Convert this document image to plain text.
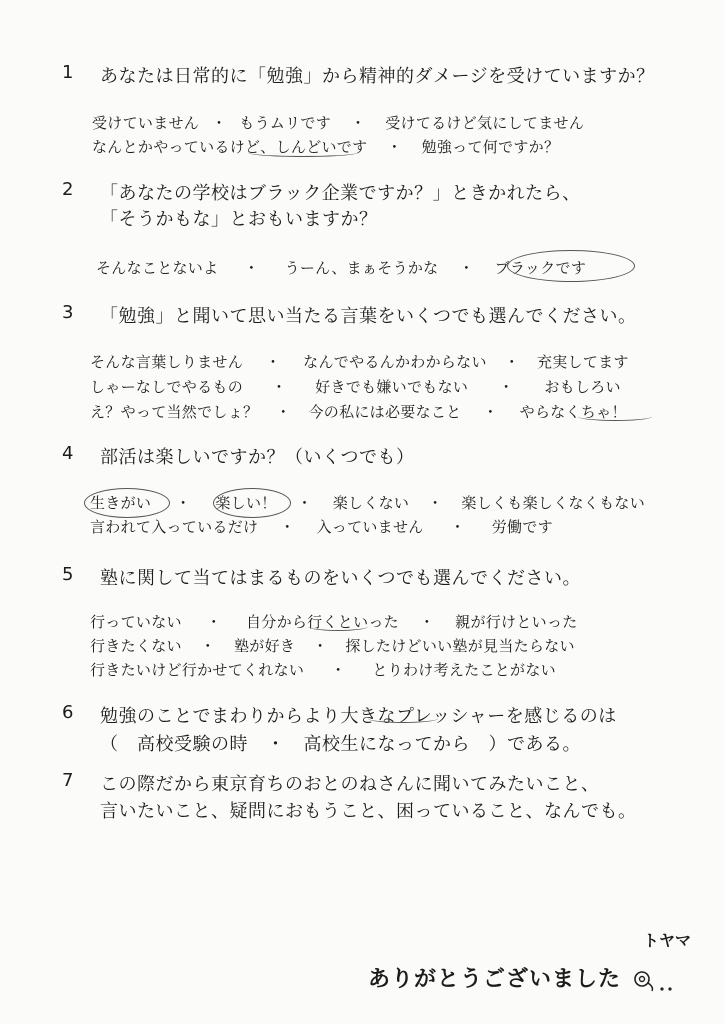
1	あなたは日常的に「勉強」から精神的ダメージを受けていますか？
受けていません ・ もうムリです ・ 受けてるけど気にしてません
なんとかやっているけど、しんどいです ・ 勉強って何ですか？
2	「あなたの学校はブラック企業ですか？」ときかれたら、
「そうかもな」とおもいますか？
そんなことないよ ・ うーん、まぁそうかな ・ ブラックです
3	「勉強」と聞いて思い当たる言葉をいくつでも選んでください。
そんな言葉しりません ・ なんでやるんかわからない ・ 充実してます
しゃーなしでやるもの ・ 好きでも嫌いでもない ・ おもしろい
え？やって当然でしょ？ ・ 今の私には必要なこと ・ やらなくちゃ！
4	部活は楽しいですか？（いくつでも）
生きがい ・ 楽しい！ ・ 楽しくない ・ 楽しくも楽しくなくもない
言われて入っているだけ ・ 入っていません ・ 労働です
5	塾に関して当てはまるものをいくつでも選んでください。
行っていない ・ 自分から行くといった ・ 親が行けといった
行きたくない ・ 塾が好き ・ 探したけどいい塾が見当たらない
行きたいけど行かせてくれない ・ とりわけ考えたことがない
6	勉強のことでまわりからより大きなプレッシャーを感じるのは
（　高校受験の時　・　高校生になってから　）である。
7	この際だから東京育ちのおとのねさんに聞いてみたいこと、
言いたいこと、疑問におもうこと、困っていること、なんでも。
トヤマ
ありがとうございました
